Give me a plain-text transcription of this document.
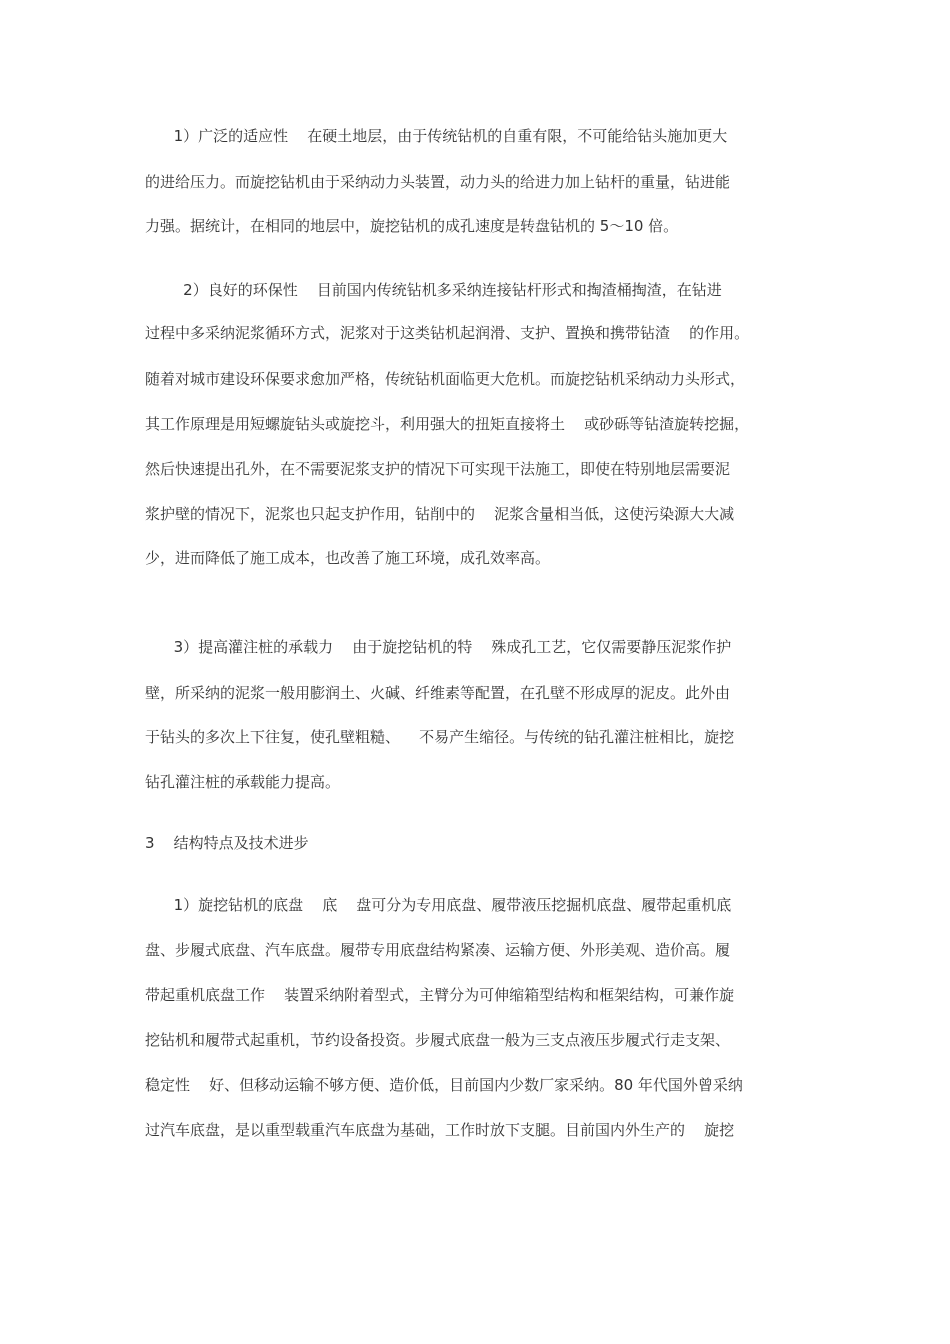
1）广泛的适应性    在硬土地层，由于传统钻机的自重有限，不可能给钻头施加更大
的进给压力。而旋挖钻机由于采纳动力头装置，动力头的给进力加上钻杆的重量，钻进能
力强。据统计，在相同的地层中，旋挖钻机的成孔速度是转盘钻机的 5～10 倍。
2）良好的环保性    目前国内传统钻机多采纳连接钻杆形式和掏渣桶掏渣，在钻进
过程中多采纳泥浆循环方式，泥浆对于这类钻机起润滑、支护、置换和携带钻渣    的作用。
随着对城市建设环保要求愈加严格，传统钻机面临更大危机。而旋挖钻机采纳动力头形式，
其工作原理是用短螺旋钻头或旋挖斗，利用强大的扭矩直接将土    或砂砾等钻渣旋转挖掘，
然后快速提出孔外，在不需要泥浆支护的情况下可实现干法施工，即使在特别地层需要泥
浆护壁的情况下，泥浆也只起支护作用，钻削中的    泥浆含量相当低，这使污染源大大减
少，进而降低了施工成本，也改善了施工环境，成孔效率高。
3）提高灌注桩的承载力    由于旋挖钻机的特    殊成孔工艺，它仅需要静压泥浆作护
壁，所采纳的泥浆一般用膨润土、火碱、纤维素等配置，在孔壁不形成厚的泥皮。此外由
于钻头的多次上下往复，使孔壁粗糙、    不易产生缩径。与传统的钻孔灌注桩相比，旋挖
钻孔灌注桩的承载能力提高。
3    结构特点及技术进步
1）旋挖钻机的底盘    底    盘可分为专用底盘、履带液压挖掘机底盘、履带起重机底
盘、步履式底盘、汽车底盘。履带专用底盘结构紧凑、运输方便、外形美观、造价高。履
带起重机底盘工作    装置采纳附着型式，主臂分为可伸缩箱型结构和框架结构，可兼作旋
挖钻机和履带式起重机，节约设备投资。步履式底盘一般为三支点液压步履式行走支架、
稳定性    好、但移动运输不够方便、造价低，目前国内少数厂家采纳。80 年代国外曾采纳
过汽车底盘，是以重型载重汽车底盘为基础，工作时放下支腿。目前国内外生产的    旋挖
